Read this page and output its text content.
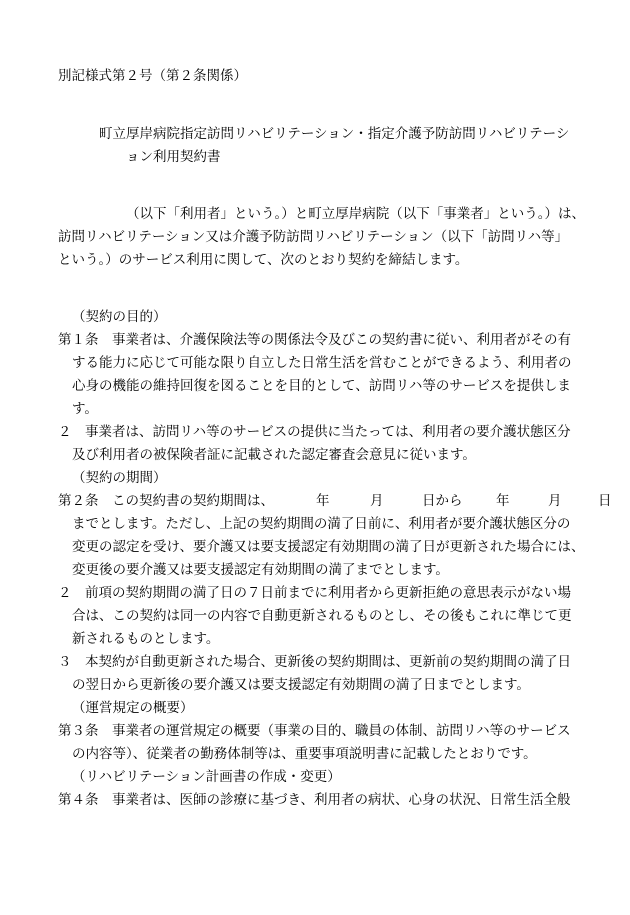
別記様式第２号（第２条関係）
町立厚岸病院指定訪問リハビリテーション・指定介護予防訪問リハビリテーシ
ョン利用契約書
（以下「利用者」という。）と町立厚岸病院（以下「事業者」という。）は、
訪問リハビリテーション又は介護予防訪問リハビリテーション（以下「訪問リハ等」
という。）のサービス利用に関して、次のとおり契約を締結します。
（契約の目的）
第１条　事業者は、介護保険法等の関係法令及びこの契約書に従い、利用者がその有
する能力に応じて可能な限り自立した日常生活を営むことができるよう、利用者の
心身の機能の維持回復を図ることを目的として、訪問リハ等のサービスを提供しま
す。
２　事業者は、訪問リハ等のサービスの提供に当たっては、利用者の要介護状態区分
及び利用者の被保険者証に記載された認定審査会意見に従います。
（契約の期間）
第２条　この契約書の契約期間は、	年	月	日から 年	月	日
までとします。ただし、上記の契約期間の満了日前に、利用者が要介護状態区分の
変更の認定を受け、要介護又は要支援認定有効期間の満了日が更新された場合には、
変更後の要介護又は要支援認定有効期間の満了までとします。
２　前項の契約期間の満了日の７日前までに利用者から更新拒絶の意思表示がない場
合は、この契約は同一の内容で自動更新されるものとし、その後もこれに準じて更
新されるものとします。
３　本契約が自動更新された場合、更新後の契約期間は、更新前の契約期間の満了日
の翌日から更新後の要介護又は要支援認定有効期間の満了日までとします。
（運営規定の概要）
第３条　事業者の運営規定の概要（事業の目的、職員の体制、訪問リハ等のサービス
の内容等）、従業者の勤務体制等は、重要事項説明書に記載したとおりです。
（リハビリテーション計画書の作成・変更）
第４条　事業者は、医師の診療に基づき、利用者の病状、心身の状況、日常生活全般
